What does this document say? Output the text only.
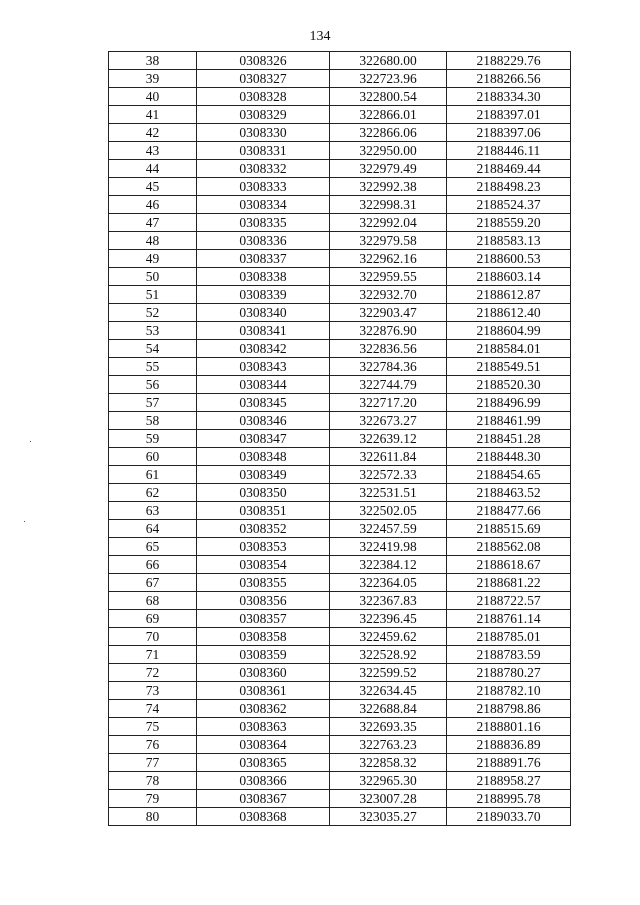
134
38	0308326	322680.00	2188229.76
39	0308327	322723.96	2188266.56
40	0308328	322800.54	2188334.30
41	0308329	322866.01	2188397.01
42	0308330	322866.06	2188397.06
43	0308331	322950.00	2188446.11
44	0308332	322979.49	2188469.44
45	0308333	322992.38	2188498.23
46	0308334	322998.31	2188524.37
47	0308335	322992.04	2188559.20
48	0308336	322979.58	2188583.13
49	0308337	322962.16	2188600.53
50	0308338	322959.55	2188603.14
51	0308339	322932.70	2188612.87
52	0308340	322903.47	2188612.40
53	0308341	322876.90	2188604.99
54	0308342	322836.56	2188584.01
55	0308343	322784.36	2188549.51
56	0308344	322744.79	2188520.30
57	0308345	322717.20	2188496.99
58	0308346	322673.27	2188461.99
59	0308347	322639.12	2188451.28
60	0308348	322611.84	2188448.30
61	0308349	322572.33	2188454.65
62	0308350	322531.51	2188463.52
63	0308351	322502.05	2188477.66
64	0308352	322457.59	2188515.69
65	0308353	322419.98	2188562.08
66	0308354	322384.12	2188618.67
67	0308355	322364.05	2188681.22
68	0308356	322367.83	2188722.57
69	0308357	322396.45	2188761.14
70	0308358	322459.62	2188785.01
71	0308359	322528.92	2188783.59
72	0308360	322599.52	2188780.27
73	0308361	322634.45	2188782.10
74	0308362	322688.84	2188798.86
75	0308363	322693.35	2188801.16
76	0308364	322763.23	2188836.89
77	0308365	322858.32	2188891.76
78	0308366	322965.30	2188958.27
79	0308367	323007.28	2188995.78
80	0308368	323035.27	2189033.70
